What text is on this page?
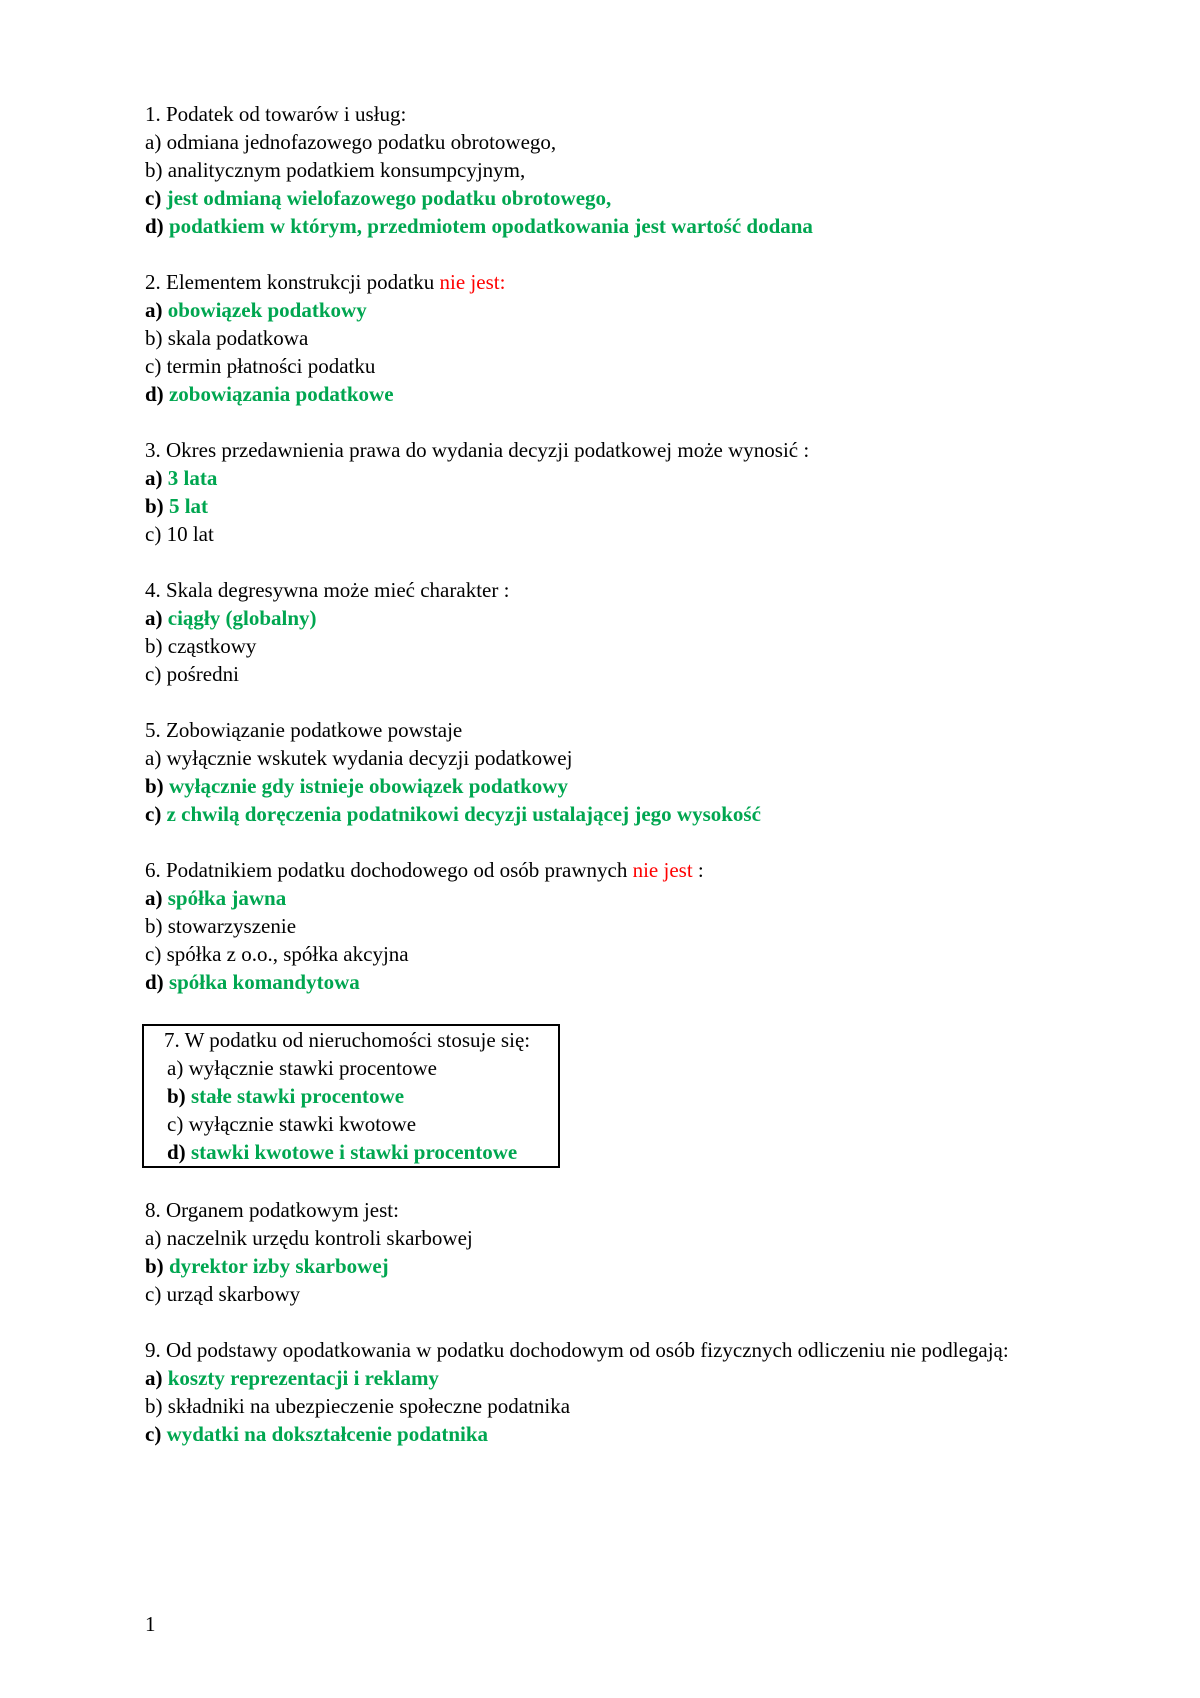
1. Podatek od towarów i usług:
a) odmiana jednofazowego podatku obrotowego,
b) analitycznym podatkiem konsumpcyjnym,
c) jest odmianą wielofazowego podatku obrotowego,
d) podatkiem w którym, przedmiotem opodatkowania jest wartość dodana
2. Elementem konstrukcji podatku nie jest:
a) obowiązek podatkowy
b) skala podatkowa
c) termin płatności podatku
d) zobowiązania podatkowe
3. Okres przedawnienia prawa do wydania decyzji podatkowej może wynosić :
a) 3 lata
b) 5 lat
c) 10 lat
4. Skala degresywna może mieć charakter :
a) ciągły (globalny)
b) cząstkowy
c) pośredni
5. Zobowiązanie podatkowe powstaje
a) wyłącznie wskutek wydania decyzji podatkowej
b) wyłącznie gdy istnieje obowiązek podatkowy
c) z chwilą doręczenia podatnikowi decyzji ustalającej jego wysokość
6. Podatnikiem podatku dochodowego od osób prawnych nie jest :
a) spółka jawna
b) stowarzyszenie
c) spółka z o.o., spółka akcyjna
d) spółka komandytowa
7. W podatku od nieruchomości stosuje się:
a) wyłącznie stawki procentowe
b) stałe stawki procentowe
c) wyłącznie stawki kwotowe
d) stawki kwotowe i stawki procentowe
8. Organem podatkowym jest:
a) naczelnik urzędu kontroli skarbowej
b) dyrektor izby skarbowej
c) urząd skarbowy
9. Od podstawy opodatkowania w podatku dochodowym od osób fizycznych odliczeniu nie podlegają:
a) koszty reprezentacji i reklamy
b) składniki na ubezpieczenie społeczne podatnika
c) wydatki na dokształcenie podatnika
1
